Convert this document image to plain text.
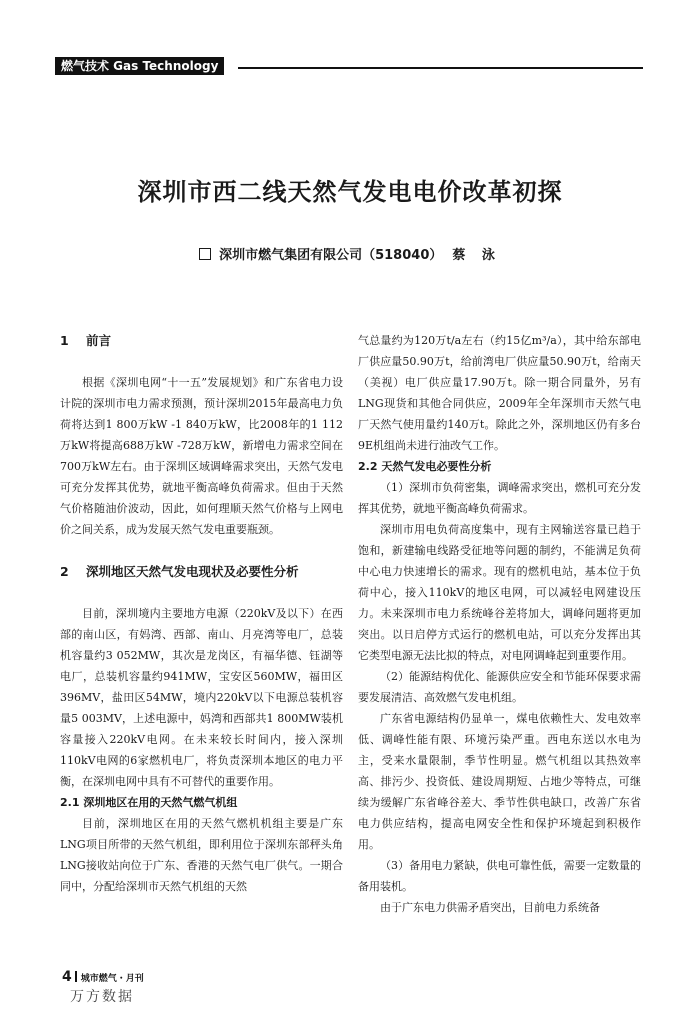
燃气技术 Gas Technology
深圳市西二线天然气发电电价改革初探
深圳市燃气集团有限公司（518040） 蔡 泳

1 前言

根据《深圳电网“十一五”发展规划》和广东省电力设计院的深圳市电力需求预测，预计深圳2015年最高电力负荷将达到1 800万kW -1 840万kW，比2008年的1 112万kW将提高688万kW -728万kW，新增电力需求空间在700万kW左右。由于深圳区域调峰需求突出，天然气发电可充分发挥其优势，就地平衡高峰负荷需求。但由于天然气价格随油价波动，因此，如何理顺天然气价格与上网电价之间关系，成为发展天然气发电重要瓶颈。

2 深圳地区天然气发电现状及必要性分析

目前，深圳境内主要地方电源（220kV及以下）在西部的南山区，有妈湾、西部、南山、月亮湾等电厂，总装机容量约3 052MW，其次是龙岗区，有福华德、钰湖等电厂，总装机容量约941MW，宝安区560MW，福田区396MV，盐田区54MW，境内220kV以下电源总装机容量5 003MV，上述电源中，妈湾和西部共1 800MW装机容量接入220kV电网。在未来较长时间内，接入深圳110kV电网的6家燃机电厂，将负责深圳本地区的电力平衡，在深圳电网中具有不可替代的重要作用。

2.1 深圳地区在用的天然气燃气机组

目前，深圳地区在用的天然气燃机机组主要是广东LNG项目所带的天然气机组，即利用位于深圳东部秤头角LNG接收站向位于广东、香港的天然气电厂供气。一期合同中，分配给深圳市天然气机组的天然

气总量约为120万t/a左右（约15亿m³/a），其中给东部电厂供应量50.90万t，给前湾电厂供应量50.90万t，给南天（美视）电厂供应量17.90万t。除一期合同量外，另有LNG现货和其他合同供应，2009年全年深圳市天然气电厂天然气使用量约140万t。除此之外，深圳地区仍有多台9E机组尚未进行油改气工作。

2.2 天然气发电必要性分析

（1）深圳市负荷密集，调峰需求突出，燃机可充分发挥其优势，就地平衡高峰负荷需求。

深圳市用电负荷高度集中，现有主网输送容量已趋于饱和，新建输电线路受征地等问题的制约，不能满足负荷中心电力快速增长的需求。现有的燃机电站，基本位于负荷中心，接入110kV的地区电网，可以减轻电网建设压力。未来深圳市电力系统峰谷差将加大，调峰问题将更加突出。以日启停方式运行的燃机电站，可以充分发挥出其它类型电源无法比拟的特点，对电网调峰起到重要作用。

（2）能源结构优化、能源供应安全和节能环保要求需要发展清洁、高效燃气发电机组。

广东省电源结构仍显单一，煤电依赖性大、发电效率低、调峰性能有限、环境污染严重。西电东送以水电为主，受来水量限制，季节性明显。燃气机组以其热效率高、排污少、投资低、建设周期短、占地少等特点，可继续为缓解广东省峰谷差大、季节性供电缺口，改善广东省电力供应结构，提高电网安全性和保护环境起到积极作用。

（3）备用电力紧缺，供电可靠性低，需要一定数量的备用装机。

由于广东电力供需矛盾突出，目前电力系统备

4 城市燃气・月刊
万方数据
